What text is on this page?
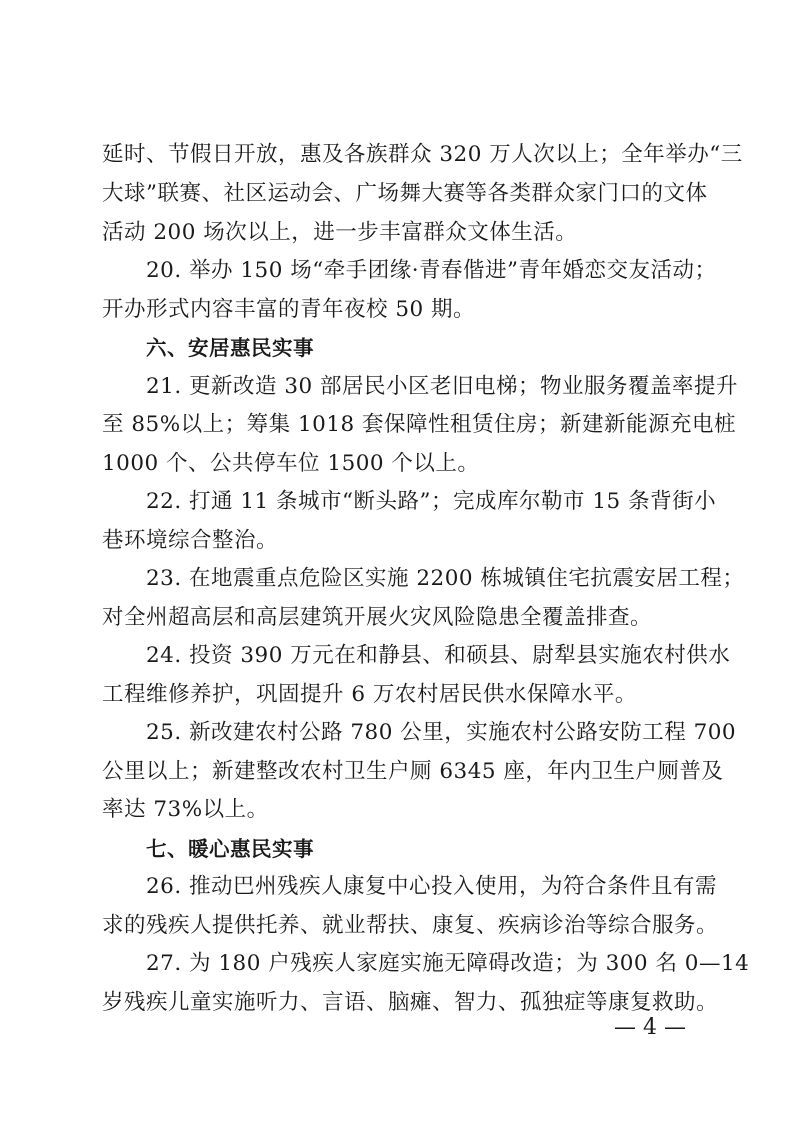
延时、节假日开放，惠及各族群众 320 万人次以上；全年举办“三
大球”联赛、社区运动会、广场舞大赛等各类群众家门口的文体
活动 200 场次以上，进一步丰富群众文体生活。
20. 举办 150 场“牵手团缘·青春偕进”青年婚恋交友活动；
开办形式内容丰富的青年夜校 50 期。
六、安居惠民实事
21. 更新改造 30 部居民小区老旧电梯；物业服务覆盖率提升
至 85%以上；筹集 1018 套保障性租赁住房；新建新能源充电桩
1000 个、公共停车位 1500 个以上。
22. 打通 11 条城市“断头路”；完成库尔勒市 15 条背街小
巷环境综合整治。
23. 在地震重点危险区实施 2200 栋城镇住宅抗震安居工程；
对全州超高层和高层建筑开展火灾风险隐患全覆盖排查。
24. 投资 390 万元在和静县、和硕县、尉犁县实施农村供水
工程维修养护，巩固提升 6 万农村居民供水保障水平。
25. 新改建农村公路 780 公里，实施农村公路安防工程 700
公里以上；新建整改农村卫生户厕 6345 座，年内卫生户厕普及
率达 73%以上。
七、暖心惠民实事
26. 推动巴州残疾人康复中心投入使用，为符合条件且有需
求的残疾人提供托养、就业帮扶、康复、疾病诊治等综合服务。
27. 为 180 户残疾人家庭实施无障碍改造；为 300 名 0—14
岁残疾儿童实施听力、言语、脑瘫、智力、孤独症等康复救助。
— 4 —
